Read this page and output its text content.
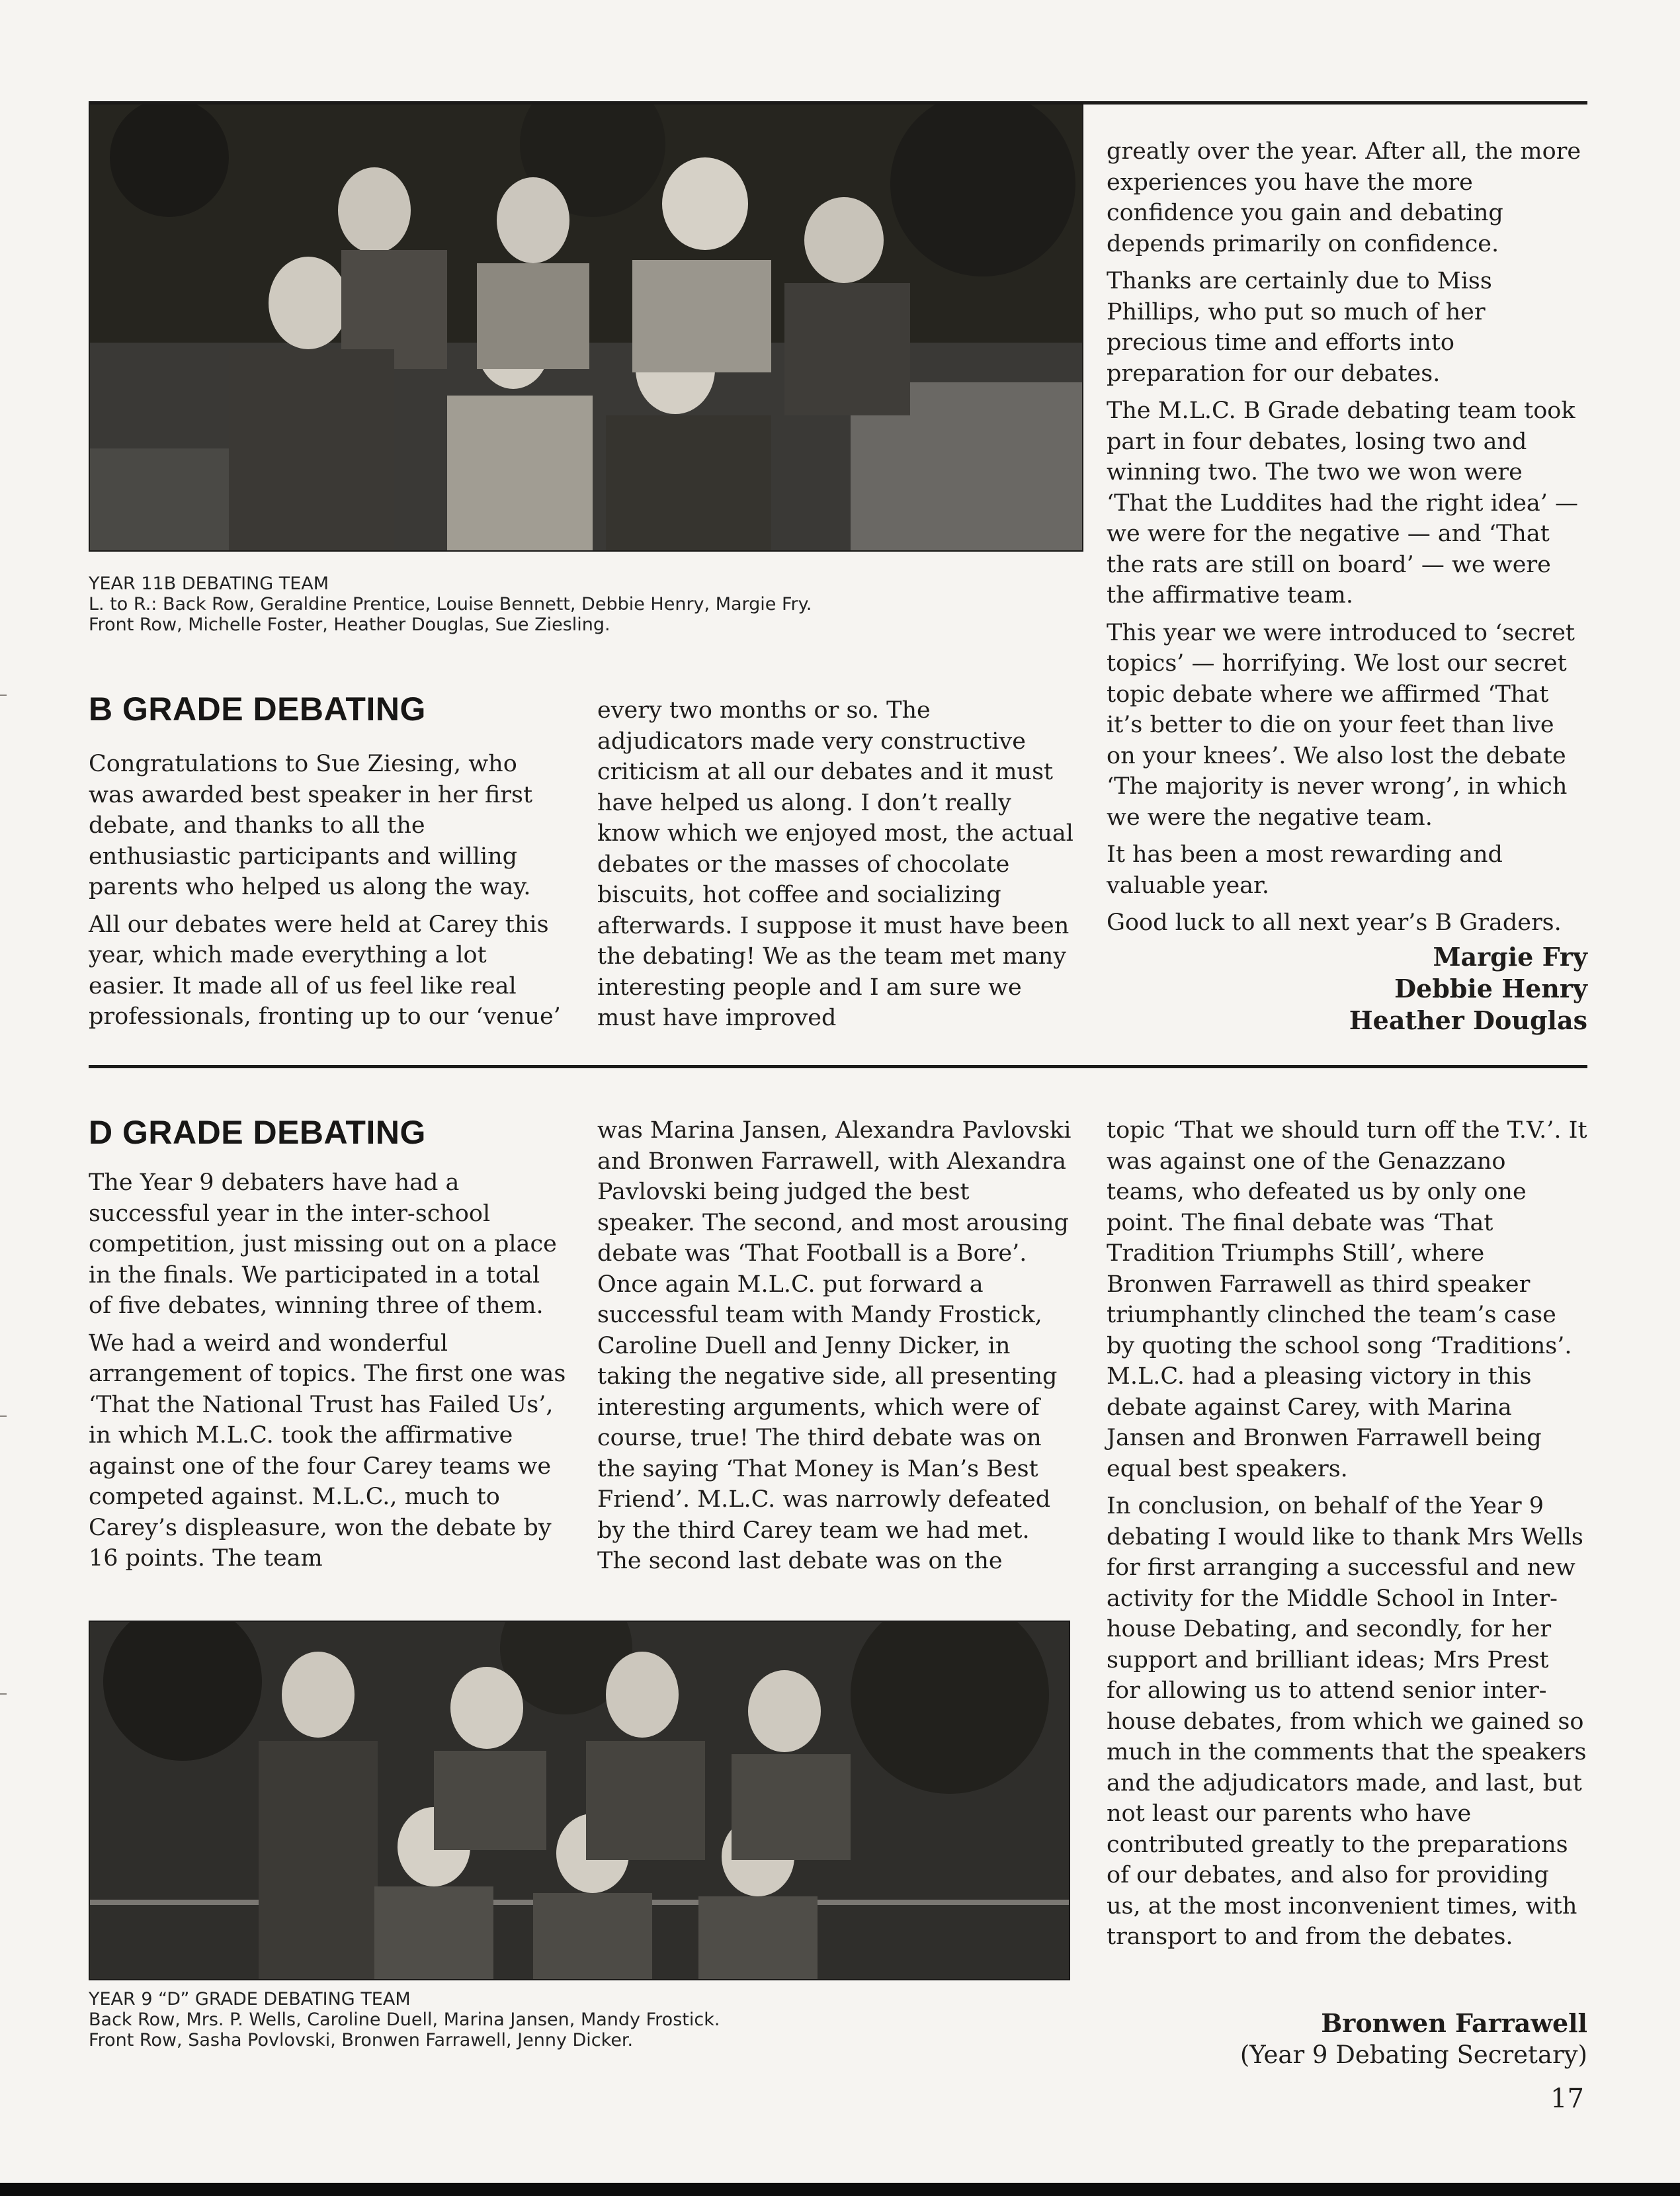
YEAR 11B DEBATING TEAM
L. to R.: Back Row, Geraldine Prentice, Louise Bennett, Debbie Henry, Margie Fry.
Front Row, Michelle Foster, Heather Douglas, Sue Ziesling.
B GRADE DEBATING

Congratulations to Sue Ziesing, who was awarded best speaker in her first debate, and thanks to all the enthusiastic participants and willing parents who helped us along the way.

All our debates were held at Carey this year, which made everything a lot easier. It made all of us feel like real professionals, fronting up to our ‘venue’

every two months or so. The adjudicators made very constructive criticism at all our debates and it must have helped us along. I don’t really know which we enjoyed most, the actual debates or the masses of chocolate biscuits, hot coffee and socializing afterwards. I suppose it must have been the debating! We as the team met many interesting people and I am sure we must have improved

greatly over the year. After all, the more experiences you have the more confidence you gain and debating depends primarily on confidence.

Thanks are certainly due to Miss Phillips, who put so much of her precious time and efforts into preparation for our debates.

The M.L.C. B Grade debating team took part in four debates, losing two and winning two. The two we won were ‘That the Luddites had the right idea’ — we were for the negative — and ‘That the rats are still on board’ — we were the affirmative team.

This year we were introduced to ‘secret topics’ — horrifying. We lost our secret topic debate where we affirmed ‘That it’s better to die on your feet than live on your knees’. We also lost the debate ‘The majority is never wrong’, in which we were the negative team.

It has been a most rewarding and valuable year.

Good luck to all next year’s B Graders.

Margie Fry
Debbie Henry
Heather Douglas
D GRADE DEBATING

The Year 9 debaters have had a successful year in the inter-school competition, just missing out on a place in the finals. We participated in a total of five debates, winning three of them.

We had a weird and wonderful arrangement of topics. The first one was ‘That the National Trust has Failed Us’, in which M.L.C. took the affirmative against one of the four Carey teams we competed against. M.L.C., much to Carey’s displeasure, won the debate by 16 points. The team

was Marina Jansen, Alexandra Pavlovski and Bronwen Farrawell, with Alexandra Pavlovski being judged the best speaker. The second, and most arousing debate was ‘That Football is a Bore’. Once again M.L.C. put forward a successful team with Mandy Frostick, Caroline Duell and Jenny Dicker, in taking the negative side, all presenting interesting arguments, which were of course, true! The third debate was on the saying ‘That Money is Man’s Best Friend’. M.L.C. was narrowly defeated by the third Carey team we had met. The second last debate was on the

topic ‘That we should turn off the T.V.’. It was against one of the Genazzano teams, who defeated us by only one point. The final debate was ‘That Tradition Triumphs Still’, where Bronwen Farrawell as third speaker triumphantly clinched the team’s case by quoting the school song ‘Traditions’. M.L.C. had a pleasing victory in this debate against Carey, with Marina Jansen and Bronwen Farrawell being equal best speakers.

In conclusion, on behalf of the Year 9 debating I would like to thank Mrs Wells for first arranging a successful and new activity for the Middle School in Inter-house Debating, and secondly, for her support and brilliant ideas; Mrs Prest for allowing us to attend senior inter-house debates, from which we gained so much in the comments that the speakers and the adjudicators made, and last, but not least our parents who have contributed greatly to the preparations of our debates, and also for providing us, at the most inconvenient times, with transport to and from the debates.

YEAR 9 “D” GRADE DEBATING TEAM
Back Row, Mrs. P. Wells, Caroline Duell, Marina Jansen, Mandy Frostick.
Front Row, Sasha Povlovski, Bronwen Farrawell, Jenny Dicker.
Bronwen Farrawell
(Year 9 Debating Secretary)
17
